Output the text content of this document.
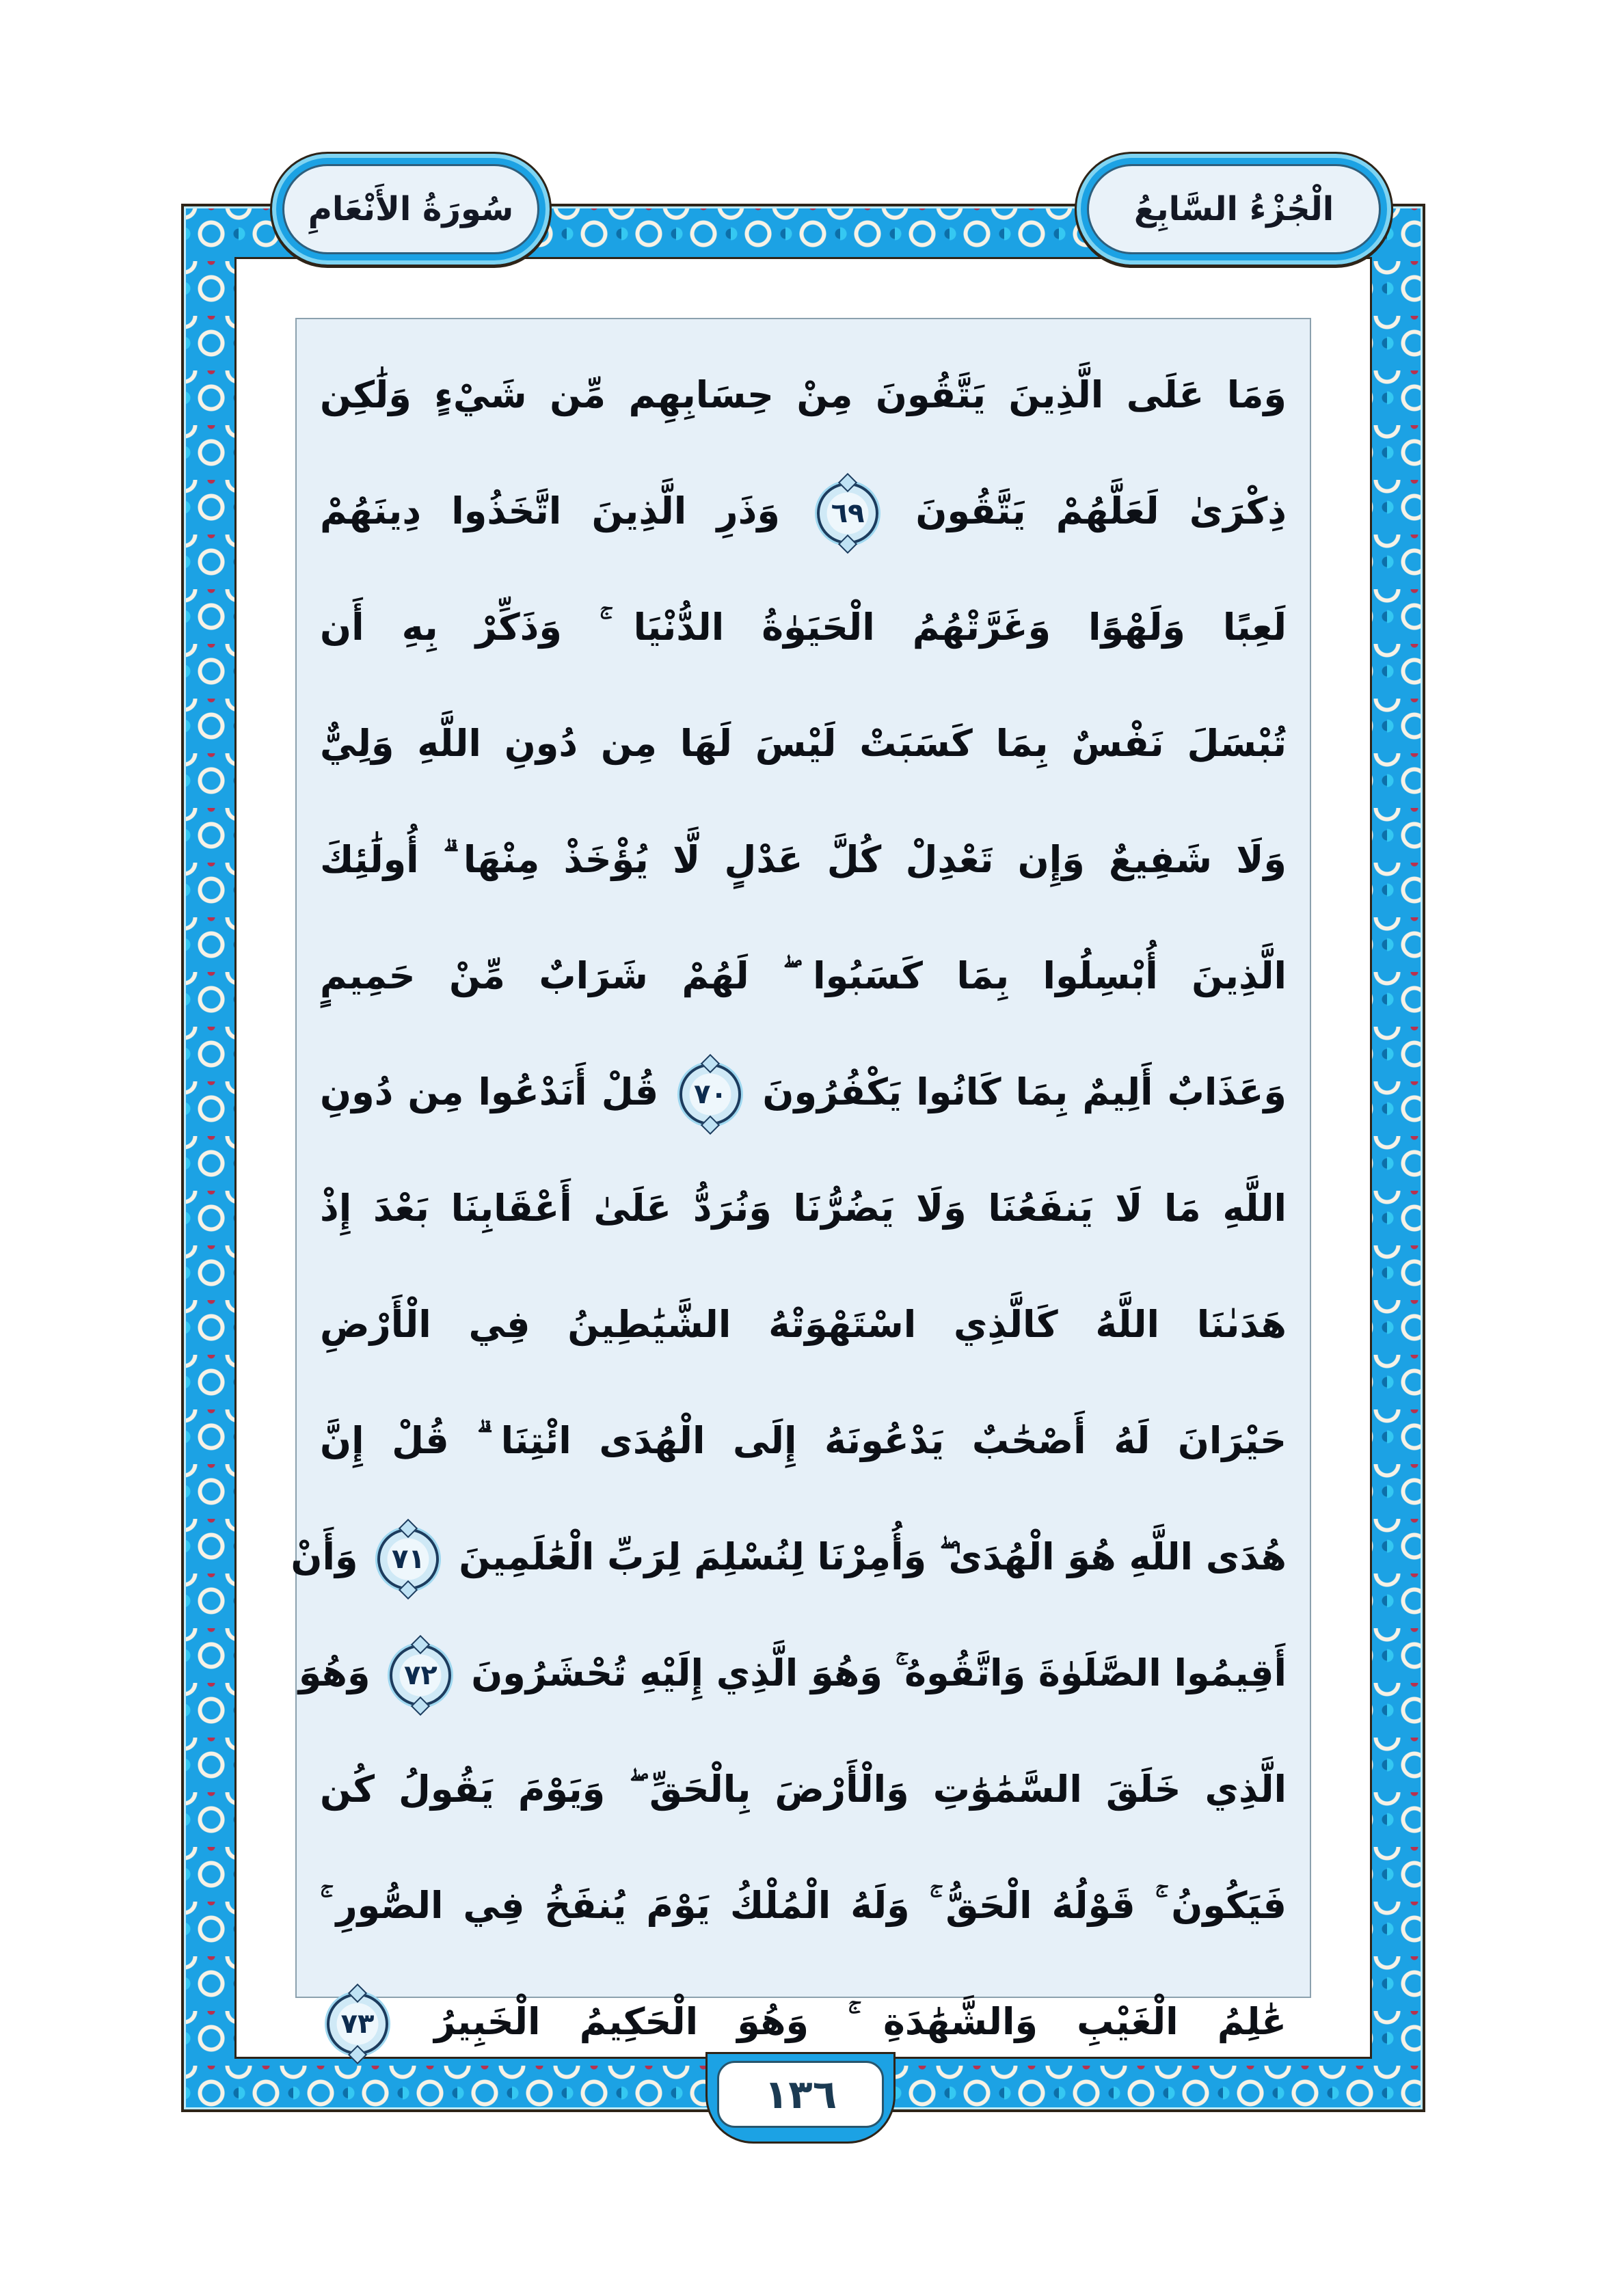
وَمَا عَلَى الَّذِينَ يَتَّقُونَ مِنْ حِسَابِهِم مِّن شَيْءٍ وَلَٰكِن
ذِكْرَىٰ لَعَلَّهُمْ يَتَّقُونَ ٦٩ وَذَرِ الَّذِينَ اتَّخَذُوا دِينَهُمْ
لَعِبًا وَلَهْوًا وَغَرَّتْهُمُ الْحَيَوٰةُ الدُّنْيَا ۚ وَذَكِّرْ بِهِ أَن
تُبْسَلَ نَفْسٌ بِمَا كَسَبَتْ لَيْسَ لَهَا مِن دُونِ اللَّهِ وَلِيٌّ
وَلَا شَفِيعٌ وَإِن تَعْدِلْ كُلَّ عَدْلٍ لَّا يُؤْخَذْ مِنْهَا ۗ أُولَٰئِكَ
الَّذِينَ أُبْسِلُوا بِمَا كَسَبُوا ۖ لَهُمْ شَرَابٌ مِّنْ حَمِيمٍ
وَعَذَابٌ أَلِيمٌ بِمَا كَانُوا يَكْفُرُونَ ٧٠ قُلْ أَنَدْعُوا مِن دُونِ
اللَّهِ مَا لَا يَنفَعُنَا وَلَا يَضُرُّنَا وَنُرَدُّ عَلَىٰ أَعْقَابِنَا بَعْدَ إِذْ
هَدَىٰنَا اللَّهُ كَالَّذِي اسْتَهْوَتْهُ الشَّيَٰطِينُ فِي الْأَرْضِ
حَيْرَانَ لَهُ أَصْحَٰبٌ يَدْعُونَهُ إِلَى الْهُدَى ائْتِنَا ۗ قُلْ إِنَّ
هُدَى اللَّهِ هُوَ الْهُدَىٰ ۖ وَأُمِرْنَا لِنُسْلِمَ لِرَبِّ الْعَٰلَمِينَ ٧١ وَأَنْ
أَقِيمُوا الصَّلَوٰةَ وَاتَّقُوهُ ۚ وَهُوَ الَّذِي إِلَيْهِ تُحْشَرُونَ ٧٢ وَهُوَ
الَّذِي خَلَقَ السَّمَٰوَٰتِ وَالْأَرْضَ بِالْحَقِّ ۖ وَيَوْمَ يَقُولُ كُن
فَيَكُونُ ۚ قَوْلُهُ الْحَقُّ ۚ وَلَهُ الْمُلْكُ يَوْمَ يُنفَخُ فِي الصُّورِ ۚ
عَٰلِمُ الْغَيْبِ وَالشَّهَٰدَةِ ۚ وَهُوَ الْحَكِيمُ الْخَبِيرُ ٧٣
سُورَةُ الأَنْعَامِ	الْجُزْءُ السَّابِعُ
١٣٦
